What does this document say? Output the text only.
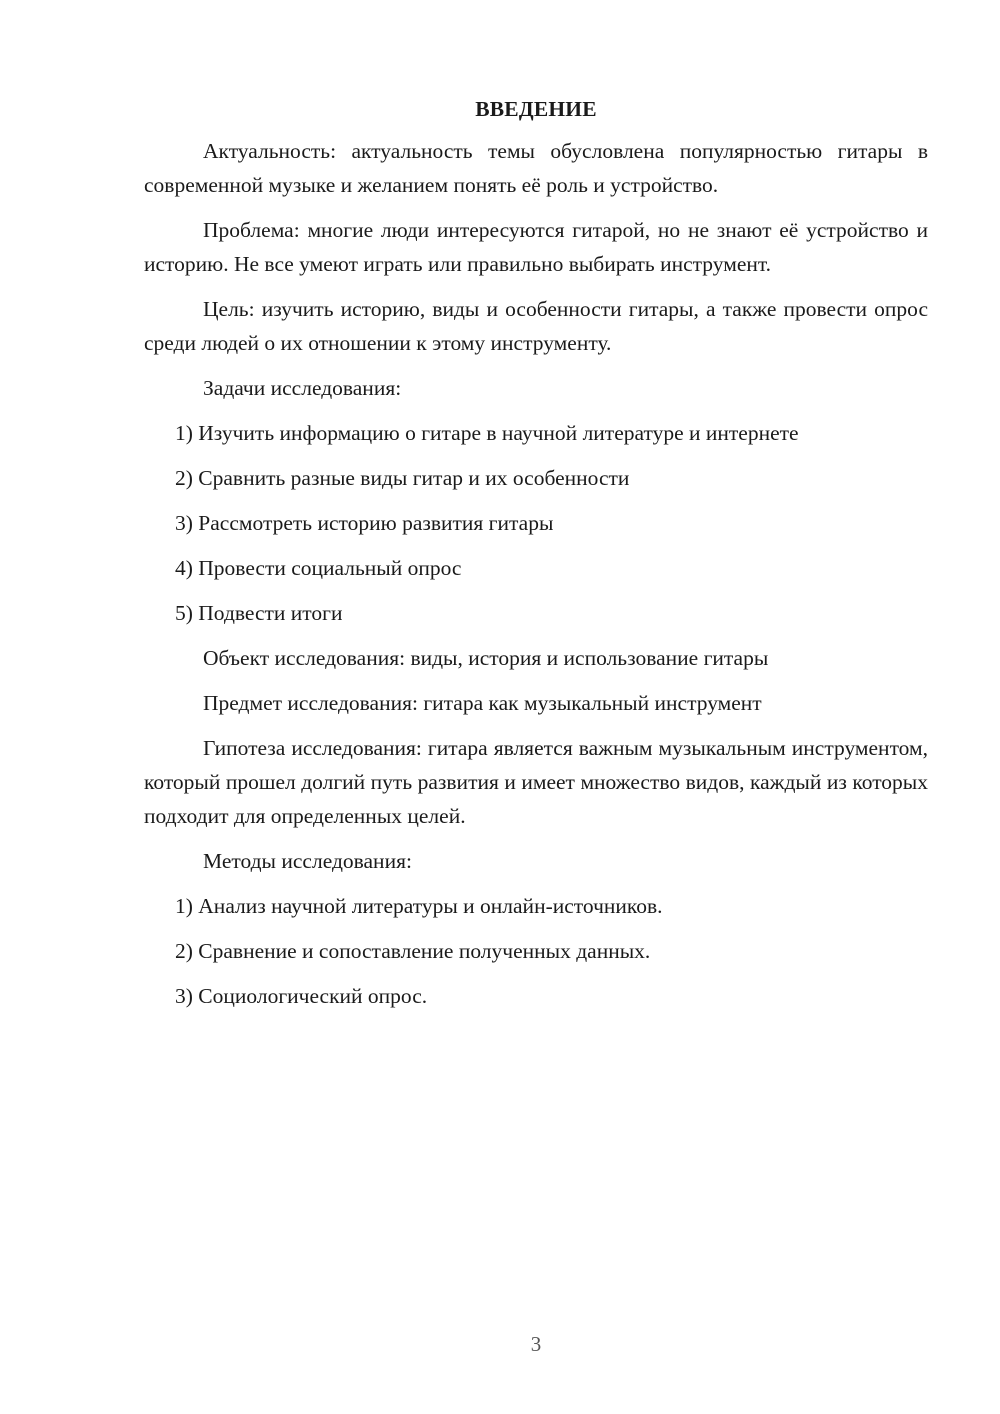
ВВЕДЕНИЕ

Актуальность: актуальность темы обусловлена популярностью гитары в современной музыке и желанием понять её роль и устройство.

Проблема: многие люди интересуются гитарой, но не знают её устройство и историю. Не все умеют играть или правильно выбирать инструмент.

Цель: изучить историю, виды и особенности гитары, а также провести опрос среди людей о их отношении к этому инструменту.

Задачи исследования:
1) Изучить информацию о гитаре в научной литературе и интернете
2) Сравнить разные виды гитар и их особенности
3) Рассмотреть историю развития гитары
4) Провести социальный опрос
5) Подвести итоги
Объект исследования: виды, история и использование гитары
Предмет исследования: гитара как музыкальный инструмент

Гипотеза исследования: гитара является важным музыкальным инструментом, который прошел долгий путь развития и имеет множество видов, каждый из которых подходит для определенных целей.

Методы исследования:
1) Анализ научной литературы и онлайн-источников.
2) Сравнение и сопоставление полученных данных.
3) Социологический опрос.
3
